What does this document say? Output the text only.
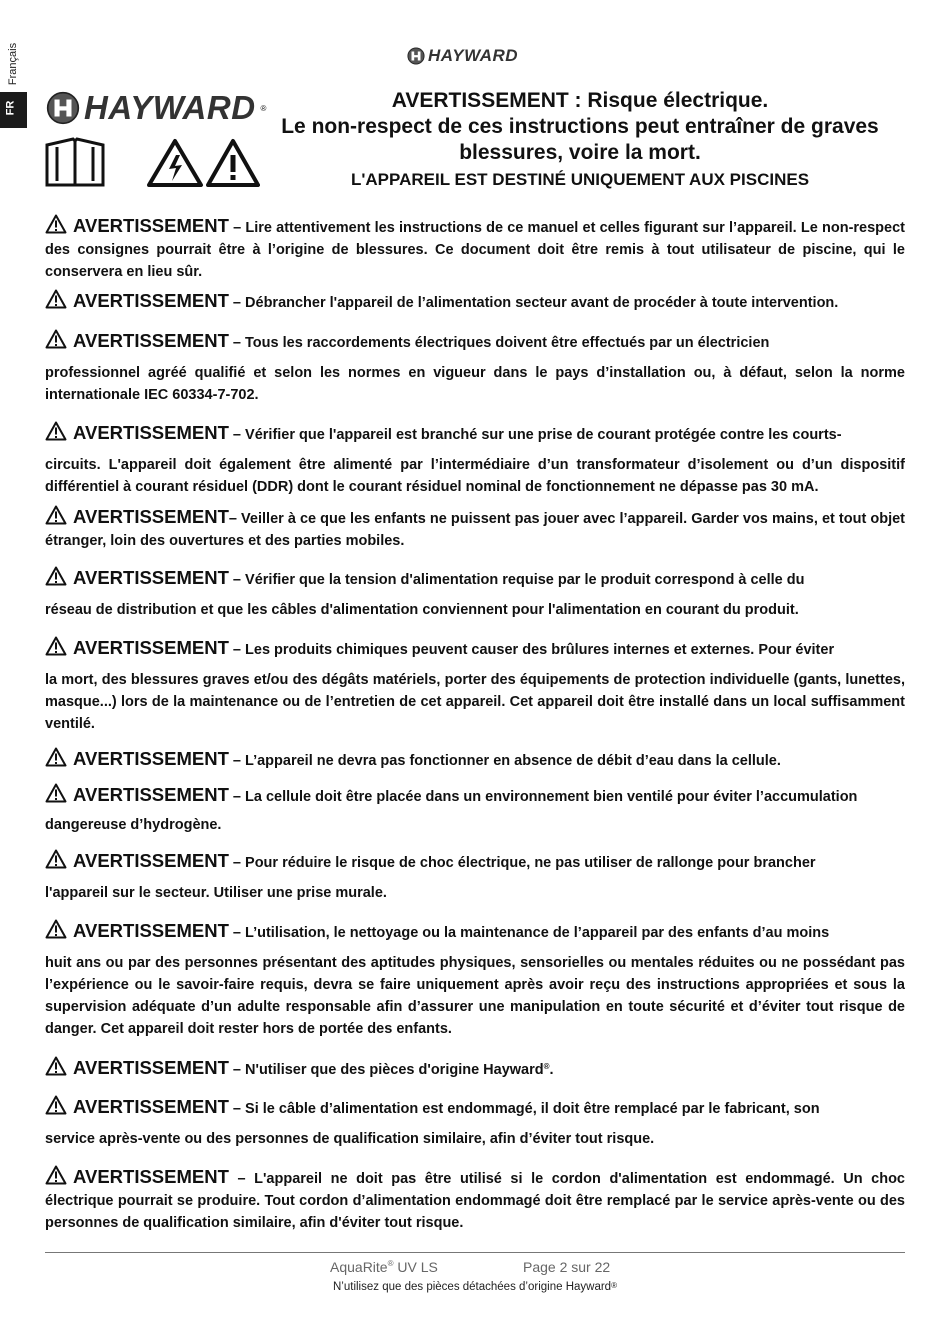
Français
FR
HAYWARD
HAYWARD ®	AVERTISSEMENT : Risque électrique.
Le non-respect de ces instructions peut entraîner de graves
blessures, voire la mort.
L'APPAREIL EST DESTINÉ UNIQUEMENT AUX PISCINES
AVERTISSEMENT – Lire attentivement les instructions de ce manuel et celles figurant sur l’appareil. Le non-respect des consignes pourrait être à l’origine de blessures. Ce document doit être remis à tout utilisateur de piscine, qui le conservera en lieu sûr.
AVERTISSEMENT – Débrancher l'appareil de l’alimentation secteur avant de procéder à toute intervention.
AVERTISSEMENT – Tous les raccordements électriques doivent être effectués par un électricien
professionnel agréé qualifié et selon les normes en vigueur dans le pays d’installation ou, à défaut, selon la norme internationale IEC 60334-7-702.
AVERTISSEMENT – Vérifier que l'appareil est branché sur une prise de courant protégée contre les courts-
circuits. L'appareil doit également être alimenté par l’intermédiaire d’un transformateur d’isolement ou d’un dispositif différentiel à courant résiduel (DDR) dont le courant résiduel nominal de fonctionnement ne dépasse pas 30 mA.
AVERTISSEMENT– Veiller à ce que les enfants ne puissent pas jouer avec l’appareil. Garder vos mains, et tout objet étranger, loin des ouvertures et des parties mobiles.
AVERTISSEMENT – Vérifier que la tension d'alimentation requise par le produit correspond à celle du
réseau de distribution et que les câbles d'alimentation conviennent pour l'alimentation en courant du produit.
AVERTISSEMENT – Les produits chimiques peuvent causer des brûlures internes et externes. Pour éviter
la mort, des blessures graves et/ou des dégâts matériels, porter des équipements de protection individuelle (gants, lunettes, masque...) lors de la maintenance ou de l’entretien de cet appareil. Cet appareil doit être installé dans un local suffisamment ventilé.
AVERTISSEMENT – L’appareil ne devra pas fonctionner en absence de débit d’eau dans la cellule.
AVERTISSEMENT – La cellule doit être placée dans un environnement bien ventilé pour éviter l’accumulation
dangereuse d’hydrogène.
AVERTISSEMENT – Pour réduire le risque de choc électrique, ne pas utiliser de rallonge pour brancher
l'appareil sur le secteur. Utiliser une prise murale.
AVERTISSEMENT – L’utilisation, le nettoyage ou la maintenance de l’appareil par des enfants d’au moins
huit ans ou par des personnes présentant des aptitudes physiques, sensorielles ou mentales réduites ou ne possédant pas l’expérience ou le savoir-faire requis, devra se faire uniquement après avoir reçu des instructions appropriées et sous la supervision adéquate d’un adulte responsable afin d’assurer une manipulation en toute sécurité et d’éviter tout risque de danger. Cet appareil doit rester hors de portée des enfants.
AVERTISSEMENT – N'utiliser que des pièces d'origine Hayward®.
AVERTISSEMENT – Si le câble d’alimentation est endommagé, il doit être remplacé par le fabricant, son
service après-vente ou des personnes de qualification similaire, afin d’éviter tout risque.
AVERTISSEMENT – L'appareil ne doit pas être utilisé si le cordon d'alimentation est endommagé. Un choc électrique pourrait se produire. Tout cordon d’alimentation endommagé doit être remplacé par le service après-vente ou des personnes de qualification similaire, afin d'éviter tout risque.
AquaRite® UV LS	Page 2 sur 22
N’utilisez que des pièces détachées d’origine Hayward®
